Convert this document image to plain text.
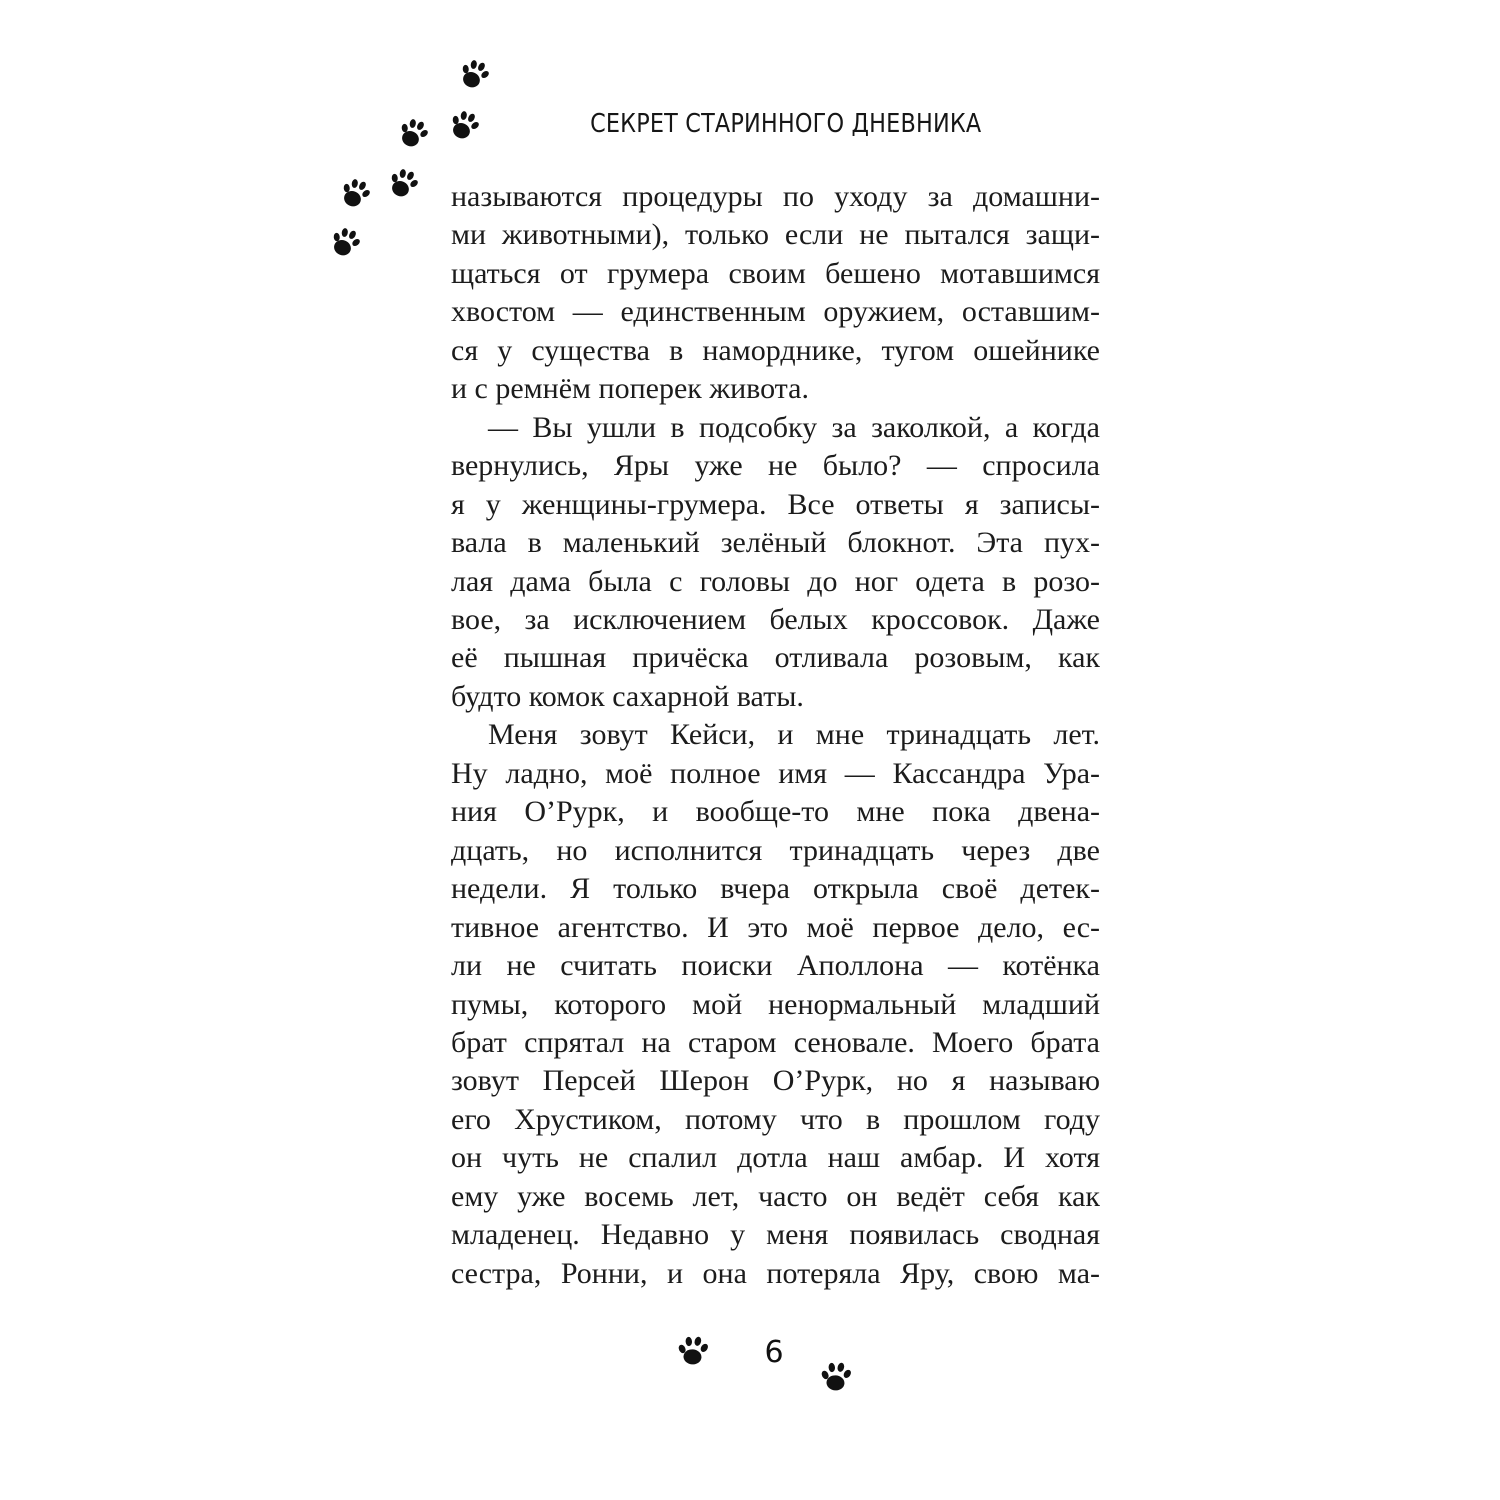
СЕКРЕТ СТАРИННОГО ДНЕВНИКА
называются процедуры по уходу за домашни-
ми животными), только если не пытался защи-
щаться от грумера своим бешено мотавшимся
хвостом — единственным оружием, оставшим-
ся у существа в наморднике, тугом ошейнике
и с ремнём поперек живота.
— Вы ушли в подсобку за заколкой, а когда
вернулись, Яры уже не было? — спросила
я у женщины-грумера. Все ответы я записы-
вала в маленький зелёный блокнот. Эта пух-
лая дама была с головы до ног одета в розо-
вое, за исключением белых кроссовок. Даже
её пышная причёска отливала розовым, как
будто комок сахарной ваты.
Меня зовут Кейси, и мне тринадцать лет.
Ну ладно, моё полное имя — Кассандра Ура-
ния О’Рурк, и вообще-то мне пока двена-
дцать, но исполнится тринадцать через две
недели. Я только вчера открыла своё детек-
тивное агентство. И это моё первое дело, ес-
ли не считать поиски Аполлона — котёнка
пумы, которого мой ненормальный младший
брат спрятал на старом сеновале. Моего брата
зовут Персей Шерон О’Рурк, но я называю
его Хрустиком, потому что в прошлом году
он чуть не спалил дотла наш амбар. И хотя
ему уже восемь лет, часто он ведёт себя как
младенец. Недавно у меня появилась сводная
сестра, Ронни, и она потеряла Яру, свою ма-
6
